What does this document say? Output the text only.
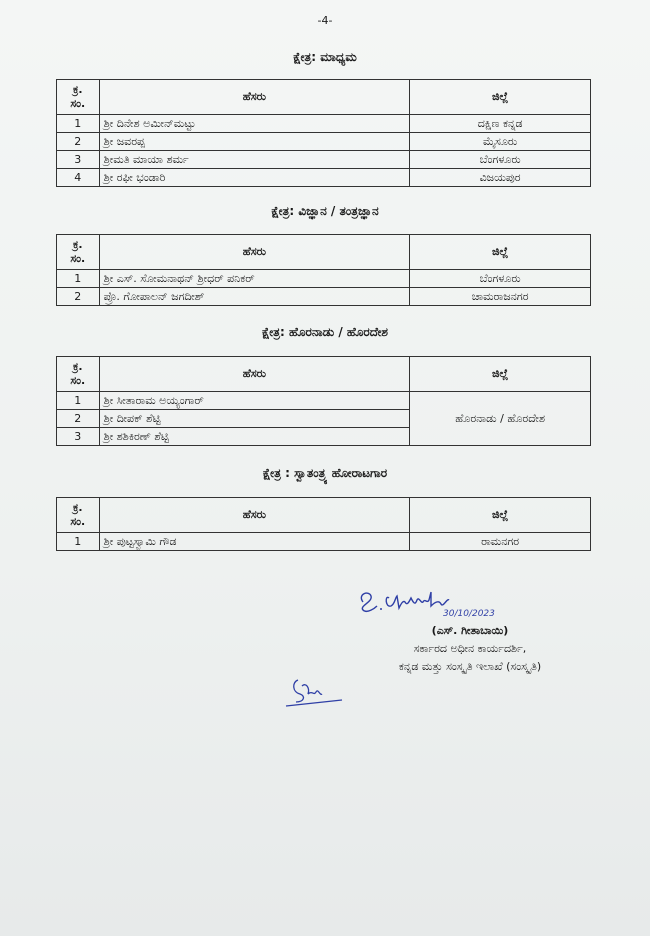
-4-
ಕ್ಷೇತ್ರ: ಮಾಧ್ಯಮ
ಕ್ರ.
ಸಂ.	ಹೆಸರು	ಜಿಲ್ಲೆ
1	ಶ್ರೀ ದಿನೇಶ ಅಮೀನ್‌ಮಟ್ಟು	ದಕ್ಷಿಣ ಕನ್ನಡ
2	ಶ್ರೀ ಜವರಪ್ಪ	ಮೈಸೂರು
3	ಶ್ರೀಮತಿ ಮಾಯಾ ಶರ್ಮ	ಬೆಂಗಳೂರು
4	ಶ್ರೀ ರಫೀ ಭಂಡಾರಿ	ವಿಜಯಪುರ
ಕ್ಷೇತ್ರ: ವಿಜ್ಞಾನ / ತಂತ್ರಜ್ಞಾನ
ಕ್ರ.
ಸಂ.	ಹೆಸರು	ಜಿಲ್ಲೆ
1	ಶ್ರೀ ಎಸ್. ಸೋಮನಾಥನ್ ಶ್ರೀಧರ್ ಪನಿಕರ್	ಬೆಂಗಳೂರು
2	ಪ್ರೊ. ಗೋಪಾಲನ್ ಜಗದೀಶ್	ಚಾಮರಾಜನಗರ
ಕ್ಷೇತ್ರ: ಹೊರನಾಡು / ಹೊರದೇಶ
ಕ್ರ.
ಸಂ.	ಹೆಸರು	ಜಿಲ್ಲೆ
1	ಶ್ರೀ ಸೀತಾರಾಮ ಅಯ್ಯಂಗಾರ್	ಹೊರನಾಡು / ಹೊರದೇಶ
2	ಶ್ರೀ ದೀಪಕ್ ಶೆಟ್ಟಿ	
3	ಶ್ರೀ ಶಶಿಕಿರಣ್ ಶೆಟ್ಟಿ	
ಕ್ಷೇತ್ರ : ಸ್ವಾತಂತ್ರ್ಯ ಹೋರಾಟಗಾರ
ಕ್ರ.
ಸಂ.	ಹೆಸರು	ಜಿಲ್ಲೆ
1	ಶ್ರೀ ಪುಟ್ಟಸ್ವಾಮಿ ಗೌಡ	ರಾಮನಗರ
30/10/2023
(ಎಸ್. ಗೀತಾಬಾಯಿ)
ಸರ್ಕಾರದ ಅಧೀನ ಕಾರ್ಯದರ್ಶಿ,
ಕನ್ನಡ ಮತ್ತು ಸಂಸ್ಕೃತಿ ಇಲಾಖೆ (ಸಂಸ್ಕೃತಿ)
